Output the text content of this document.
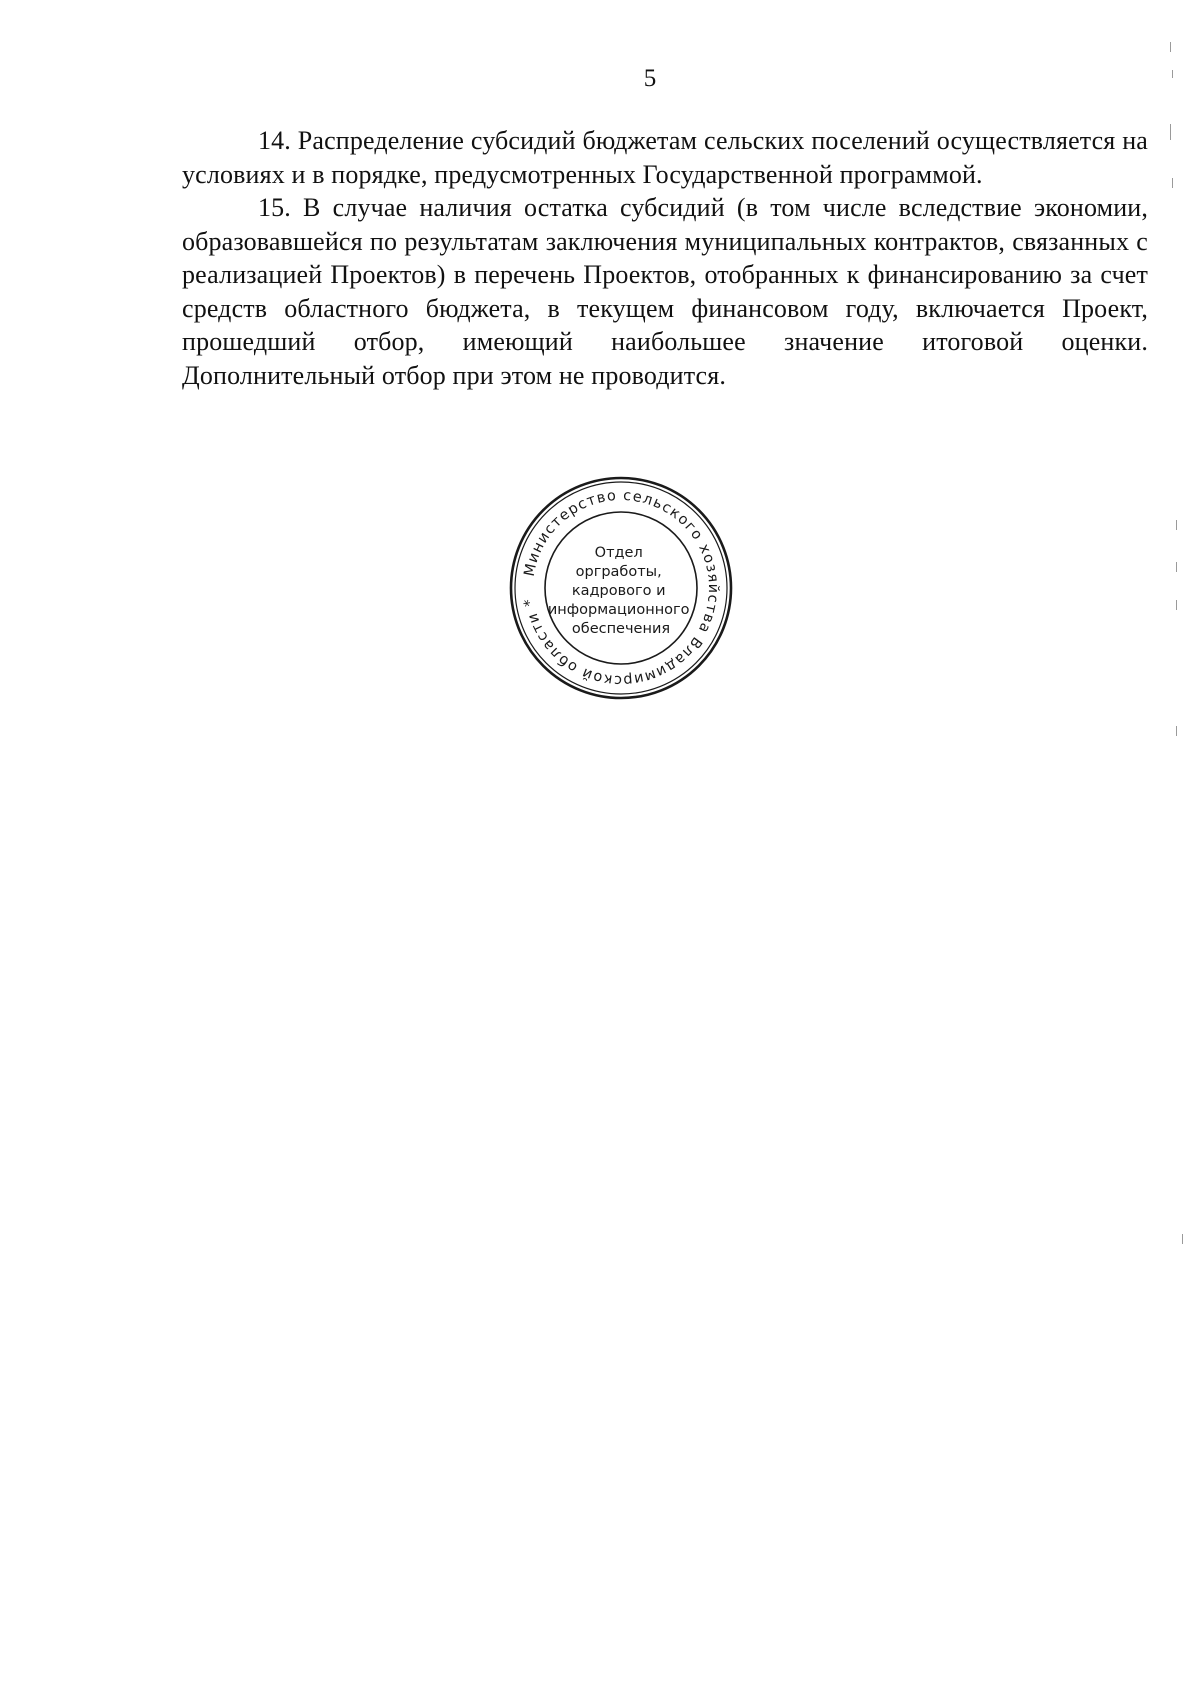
5

14. Распределение субсидий бюджетам сельских поселений осуществляется на условиях и в порядке, предусмотренных Государственной программой.

15. В случае наличия остатка субсидий (в том числе вследствие экономии, образовавшейся по результатам заключения муниципальных контрактов, связанных с реализацией Проектов) в перечень Проектов, отобранных к финансированию за счет средств областного бюджета, в текущем финансовом году, включается Проект, прошедший отбор, имеющий наибольшее значение итоговой оценки. Дополнительный отбор при этом не проводится.

Министерство сельского хозяйства Владимирской области *
Отдел оргработы, кадрового и информационного обеспечения
